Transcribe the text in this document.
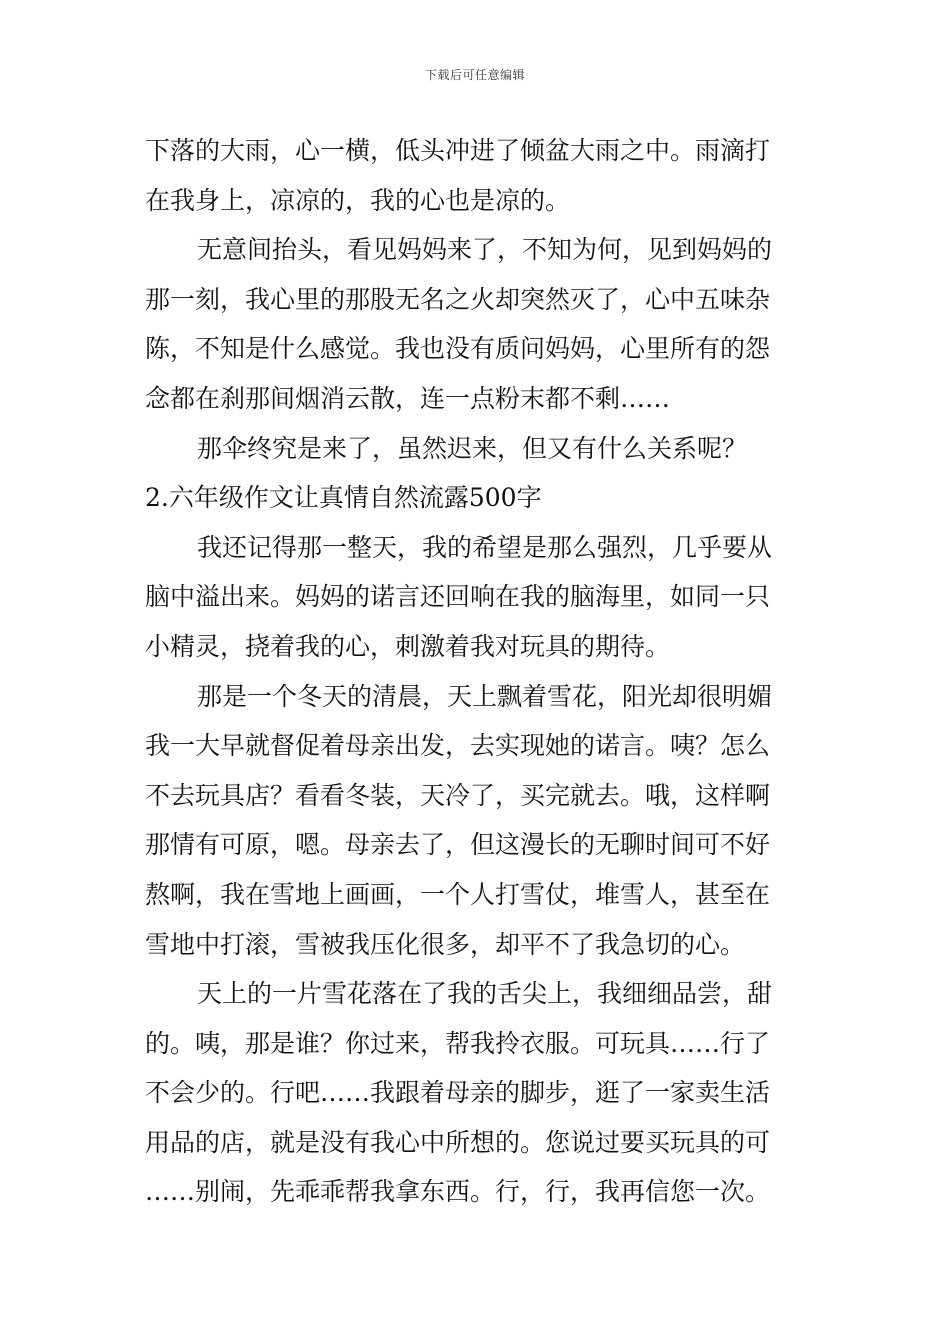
下载后可任意编辑
下落的大雨，心一横，低头冲进了倾盆大雨之中。雨滴打
在我身上，凉凉的，我的心也是凉的。
无意间抬头，看见妈妈来了，不知为何，见到妈妈的
那一刻，我心里的那股无名之火却突然灭了，心中五味杂
陈，不知是什么感觉。我也没有质问妈妈，心里所有的怨
念都在刹那间烟消云散，连一点粉末都不剩……
那伞终究是来了，虽然迟来，但又有什么关系呢？
2.六年级作文让真情自然流露500字
我还记得那一整天，我的希望是那么强烈，几乎要从
脑中溢出来。妈妈的诺言还回响在我的脑海里，如同一只
小精灵，挠着我的心，刺激着我对玩具的期待。
那是一个冬天的清晨，天上飘着雪花，阳光却很明媚
我一大早就督促着母亲出发，去实现她的诺言。咦？怎么
不去玩具店？看看冬装，天冷了，买完就去。哦，这样啊
那情有可原，嗯。母亲去了，但这漫长的无聊时间可不好
熬啊，我在雪地上画画，一个人打雪仗，堆雪人，甚至在
雪地中打滚，雪被我压化很多，却平不了我急切的心。
天上的一片雪花落在了我的舌尖上，我细细品尝，甜
的。咦，那是谁？你过来，帮我拎衣服。可玩具……行了
不会少的。行吧……我跟着母亲的脚步，逛了一家卖生活
用品的店，就是没有我心中所想的。您说过要买玩具的可
……别闹，先乖乖帮我拿东西。行，行，我再信您一次。
